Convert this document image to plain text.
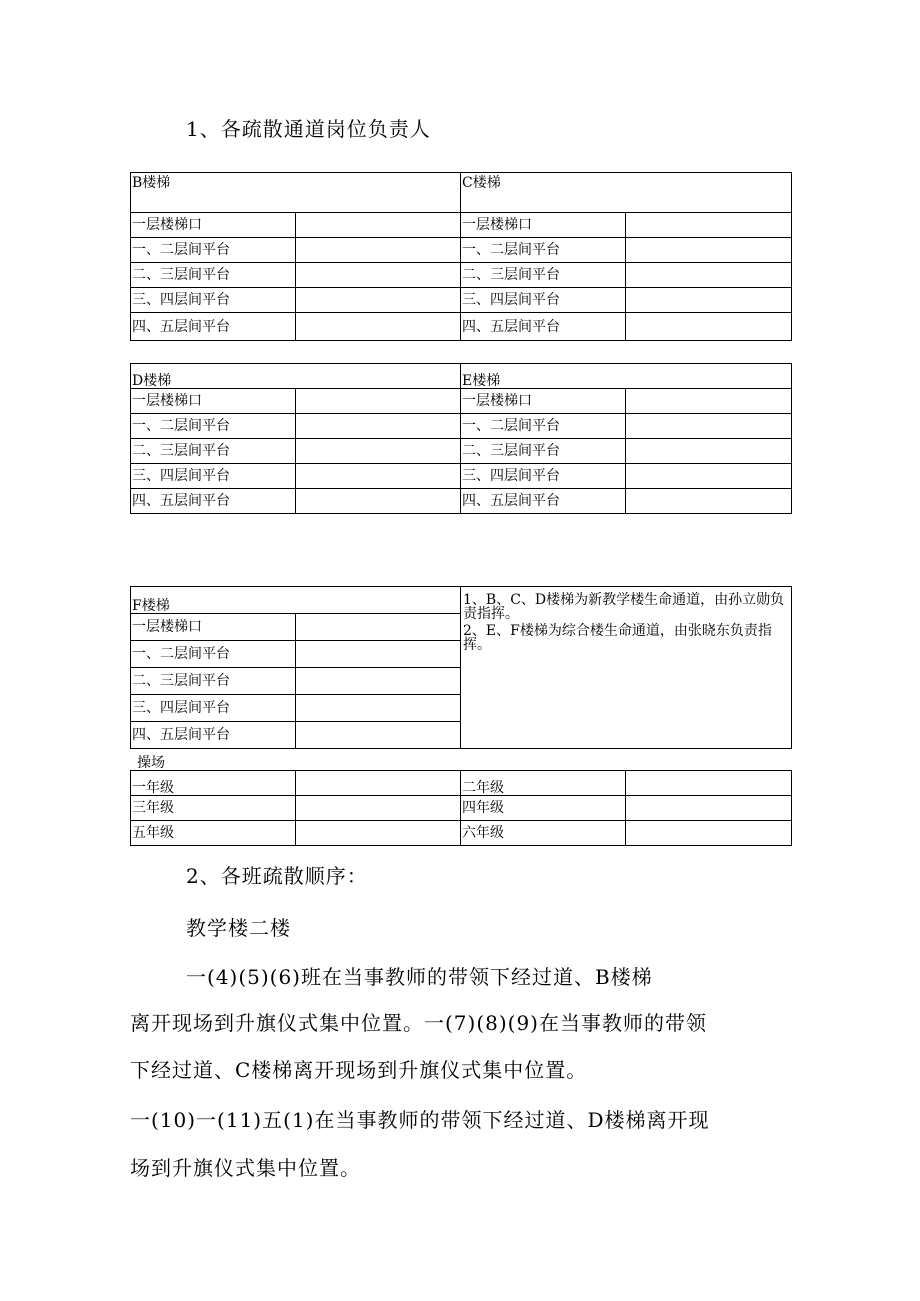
1、各疏散通道岗位负责人
B楼梯		C楼梯	
一层楼梯口		一层楼梯口	
一、二层间平台		一、二层间平台	
二、三层间平台		二、三层间平台	
三、四层间平台		三、四层间平台	
四、五层间平台		四、五层间平台	
D楼梯		E楼梯	
一层楼梯口		一层楼梯口	
一、二层间平台		一、二层间平台	
二、三层间平台		二、三层间平台	
三、四层间平台		三、四层间平台	
四、五层间平台		四、五层间平台	
F楼梯		1、B、C、D楼梯为新教学楼生命通道，由孙立勋负责指挥。

2、E、F楼梯为综合楼生命通道，由张晓东负责指挥。

一层楼梯口		
一、二层间平台		
二、三层间平台		
三、四层间平台		
四、五层间平台		
操场
一年级		二年级	
三年级		四年级	
五年级		六年级	
2、各班疏散顺序：
教学楼二楼
一(4)(5)(6)班在当事教师的带领下经过道、B楼梯
离开现场到升旗仪式集中位置。一(7)(8)(9)在当事教师的带领
下经过道、C楼梯离开现场到升旗仪式集中位置。
一(10)一(11)五(1)在当事教师的带领下经过道、D楼梯离开现
场到升旗仪式集中位置。
